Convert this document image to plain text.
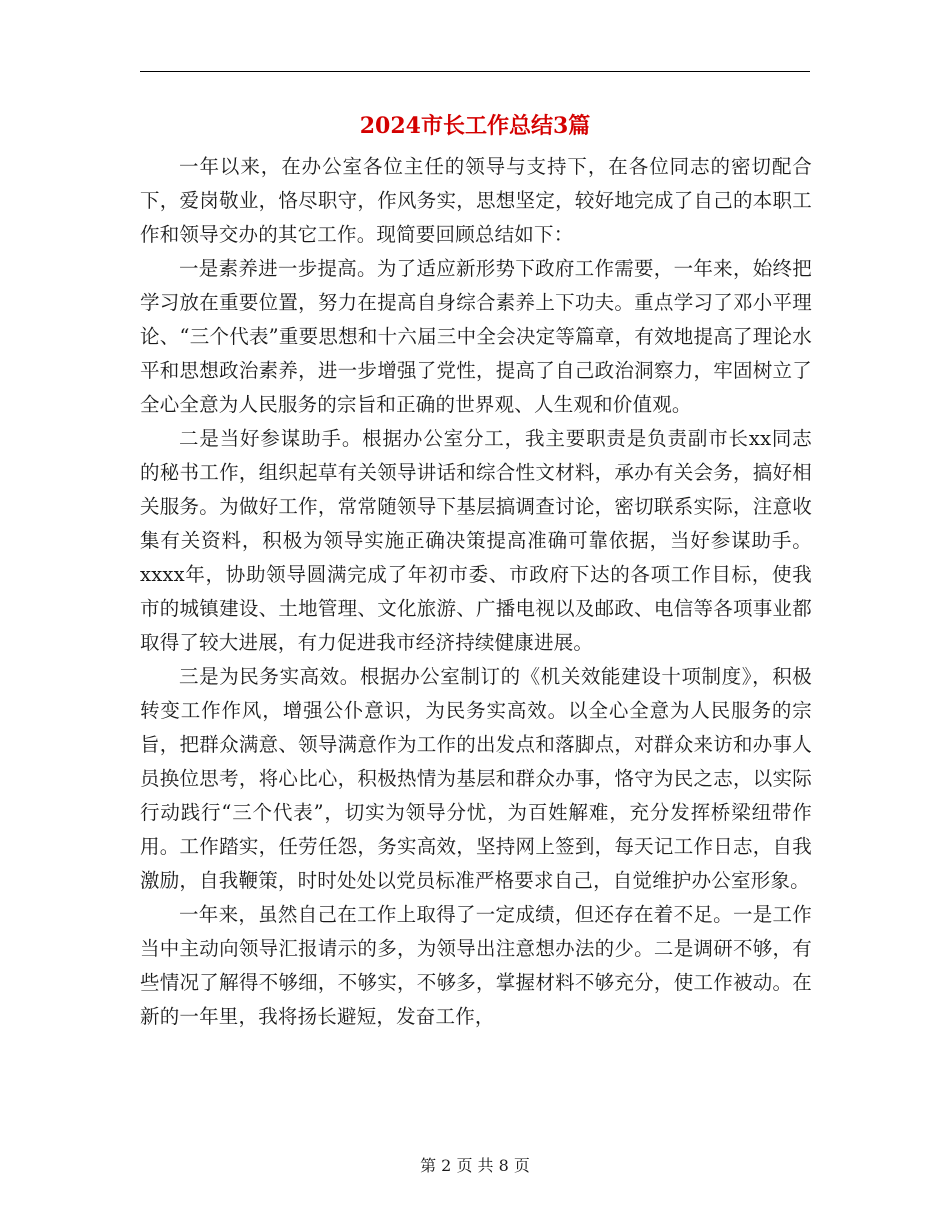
2024市长工作总结3篇

一年以来，在办公室各位主任的领导与支持下，在各位同志的密切配合下，爱岗敬业，恪尽职守，作风务实，思想坚定，较好地完成了自己的本职工作和领导交办的其它工作。现简要回顾总结如下：

一是素养进一步提高。为了适应新形势下政府工作需要，一年来，始终把学习放在重要位置，努力在提高自身综合素养上下功夫。重点学习了邓小平理论、“三个代表”重要思想和十六届三中全会决定等篇章，有效地提高了理论水平和思想政治素养，进一步增强了党性，提高了自己政治洞察力，牢固树立了全心全意为人民服务的宗旨和正确的世界观、人生观和价值观。

二是当好参谋助手。根据办公室分工，我主要职责是负责副市长xx同志的秘书工作，组织起草有关领导讲话和综合性文材料，承办有关会务，搞好相关服务。为做好工作，常常随领导下基层搞调查讨论，密切联系实际，注意收集有关资料，积极为领导实施正确决策提高准确可靠依据，当好参谋助手。xxxx年，协助领导圆满完成了年初市委、市政府下达的各项工作目标，使我市的城镇建设、土地管理、文化旅游、广播电视以及邮政、电信等各项事业都取得了较大进展，有力促进我市经济持续健康进展。

三是为民务实高效。根据办公室制订的《机关效能建设十项制度》，积极转变工作作风，增强公仆意识，为民务实高效。以全心全意为人民服务的宗旨，把群众满意、领导满意作为工作的出发点和落脚点，对群众来访和办事人员换位思考，将心比心，积极热情为基层和群众办事，恪守为民之志，以实际行动践行“三个代表”，切实为领导分忧，为百姓解难，充分发挥桥梁纽带作用。工作踏实，任劳任怨，务实高效，坚持网上签到，每天记工作日志，自我激励，自我鞭策，时时处处以党员标准严格要求自己，自觉维护办公室形象。

一年来，虽然自己在工作上取得了一定成绩，但还存在着不足。一是工作当中主动向领导汇报请示的多，为领导出注意想办法的少。二是调研不够，有些情况了解得不够细，不够实，不够多，掌握材料不够充分，使工作被动。在新的一年里，我将扬长避短，发奋工作，

第 2 页 共 8 页
